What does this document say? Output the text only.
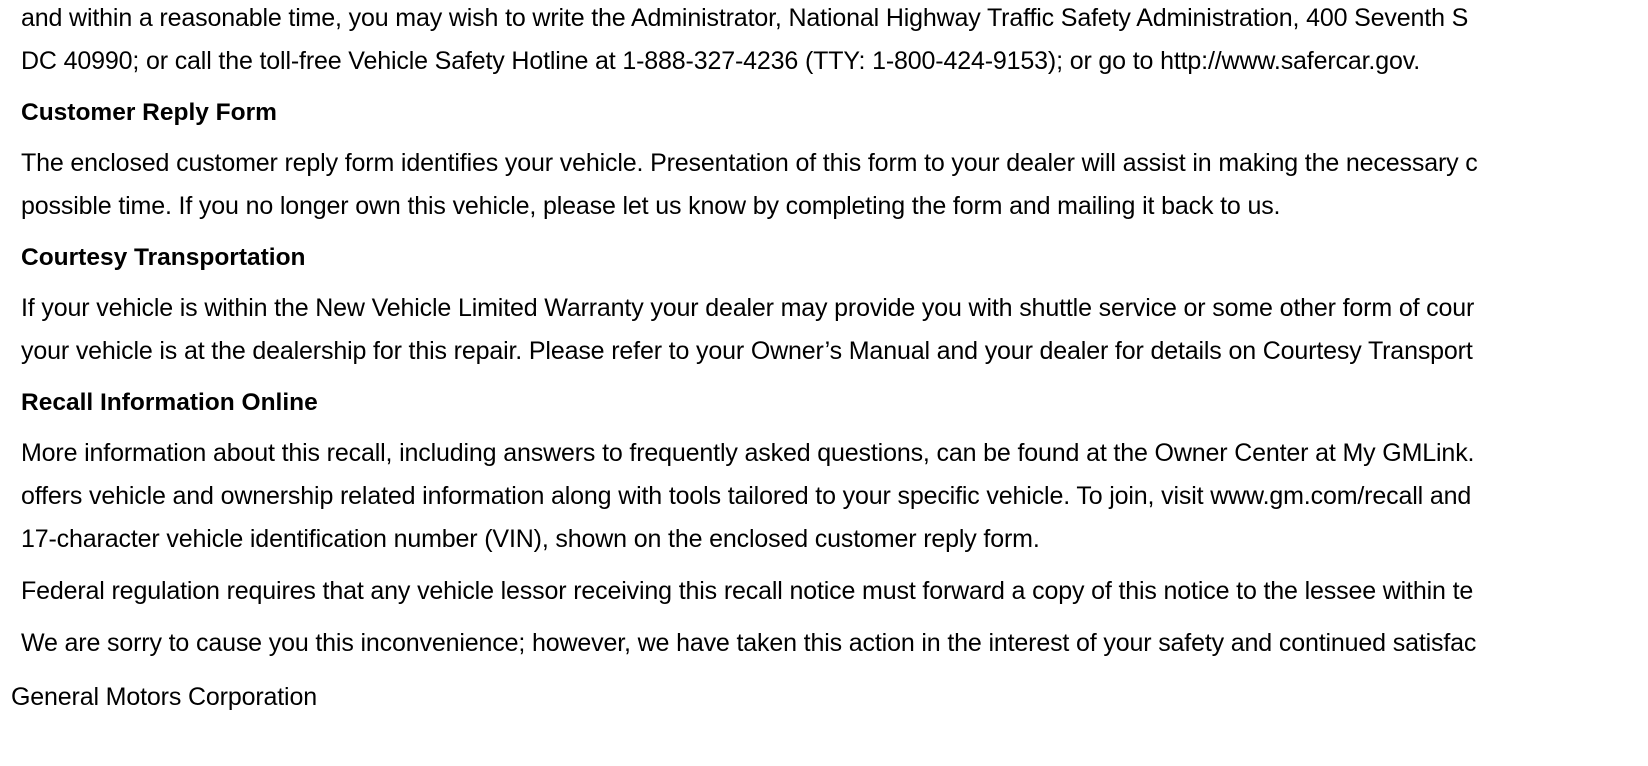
and within a reasonable time, you may wish to write the Administrator, National Highway Traffic Safety Administration, 400 Seventh S
DC 40990; or call the toll-free Vehicle Safety Hotline at 1-888-327-4236 (TTY: 1-800-424-9153); or go to http://www.safercar.gov.
Customer Reply Form
The enclosed customer reply form identifies your vehicle. Presentation of this form to your dealer will assist in making the necessary c
possible time. If you no longer own this vehicle, please let us know by completing the form and mailing it back to us.
Courtesy Transportation
If your vehicle is within the New Vehicle Limited Warranty your dealer may provide you with shuttle service or some other form of cour
your vehicle is at the dealership for this repair. Please refer to your Owner’s Manual and your dealer for details on Courtesy Transport
Recall Information Online
More information about this recall, including answers to frequently asked questions, can be found at the Owner Center at My GMLink.
offers vehicle and ownership related information along with tools tailored to your specific vehicle. To join, visit www.gm.com/recall and
17-character vehicle identification number (VIN), shown on the enclosed customer reply form.
Federal regulation requires that any vehicle lessor receiving this recall notice must forward a copy of this notice to the lessee within te
We are sorry to cause you this inconvenience; however, we have taken this action in the interest of your safety and continued satisfac
General Motors Corporation
